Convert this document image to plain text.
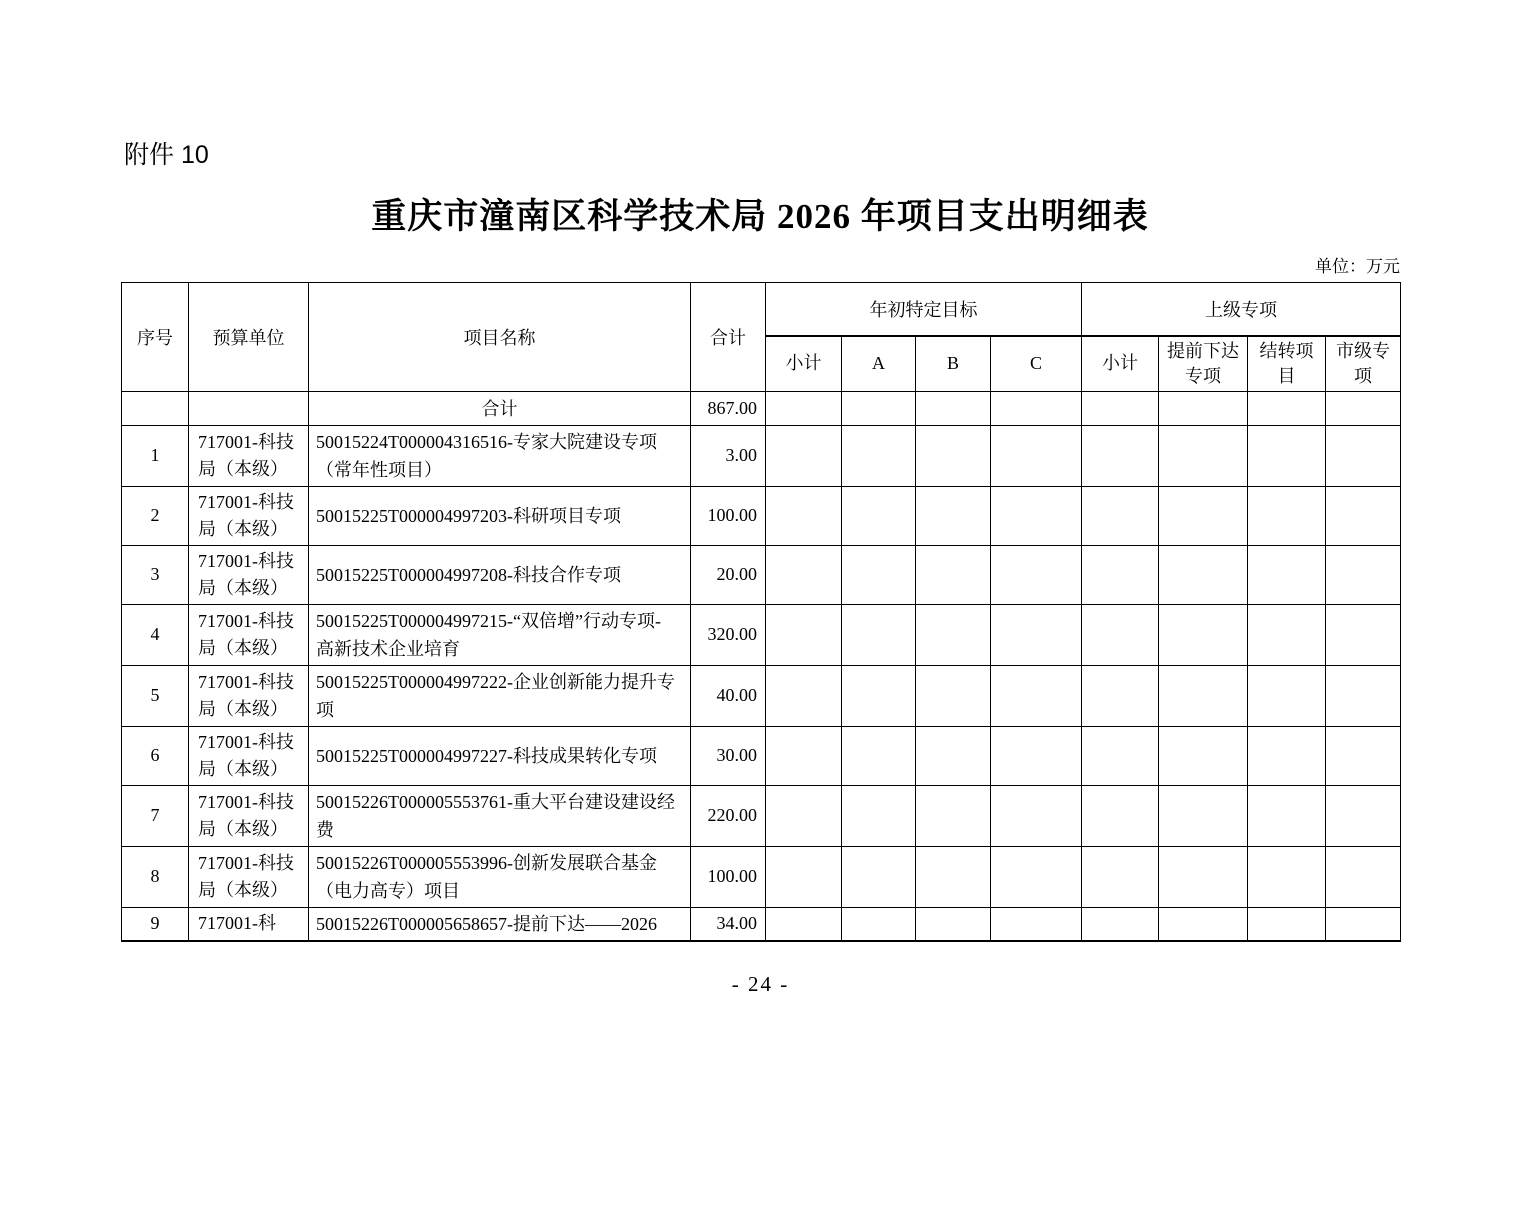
附件 10
重庆市潼南区科学技术局 2026 年项目支出明细表
单位：万元
序号	预算单位	项目名称	合计	年初特定目标				上级专项			
				小计	A	B	C	小计	提前下达专项	结转项目	市级专项
		合计	867.00								
1	717001-科技局（本级）	50015224T000004316516-专家大院建设专项（常年性项目）	3.00								
2	717001-科技局（本级）	50015225T000004997203-科研项目专项	100.00								
3	717001-科技局（本级）	50015225T000004997208-科技合作专项	20.00								
4	717001-科技局（本级）	50015225T000004997215-“双倍增”行动专项-高新技术企业培育	320.00								
5	717001-科技局（本级）	50015225T000004997222-企业创新能力提升专项	40.00								
6	717001-科技局（本级）	50015225T000004997227-科技成果转化专项	30.00								
7	717001-科技局（本级）	50015226T000005553761-重大平台建设建设经费	220.00								
8	717001-科技局（本级）	50015226T000005553996-创新发展联合基金（电力高专）项目	100.00								
9	717001-科	50015226T000005658657-提前下达——2026	34.00								
- 24 -
